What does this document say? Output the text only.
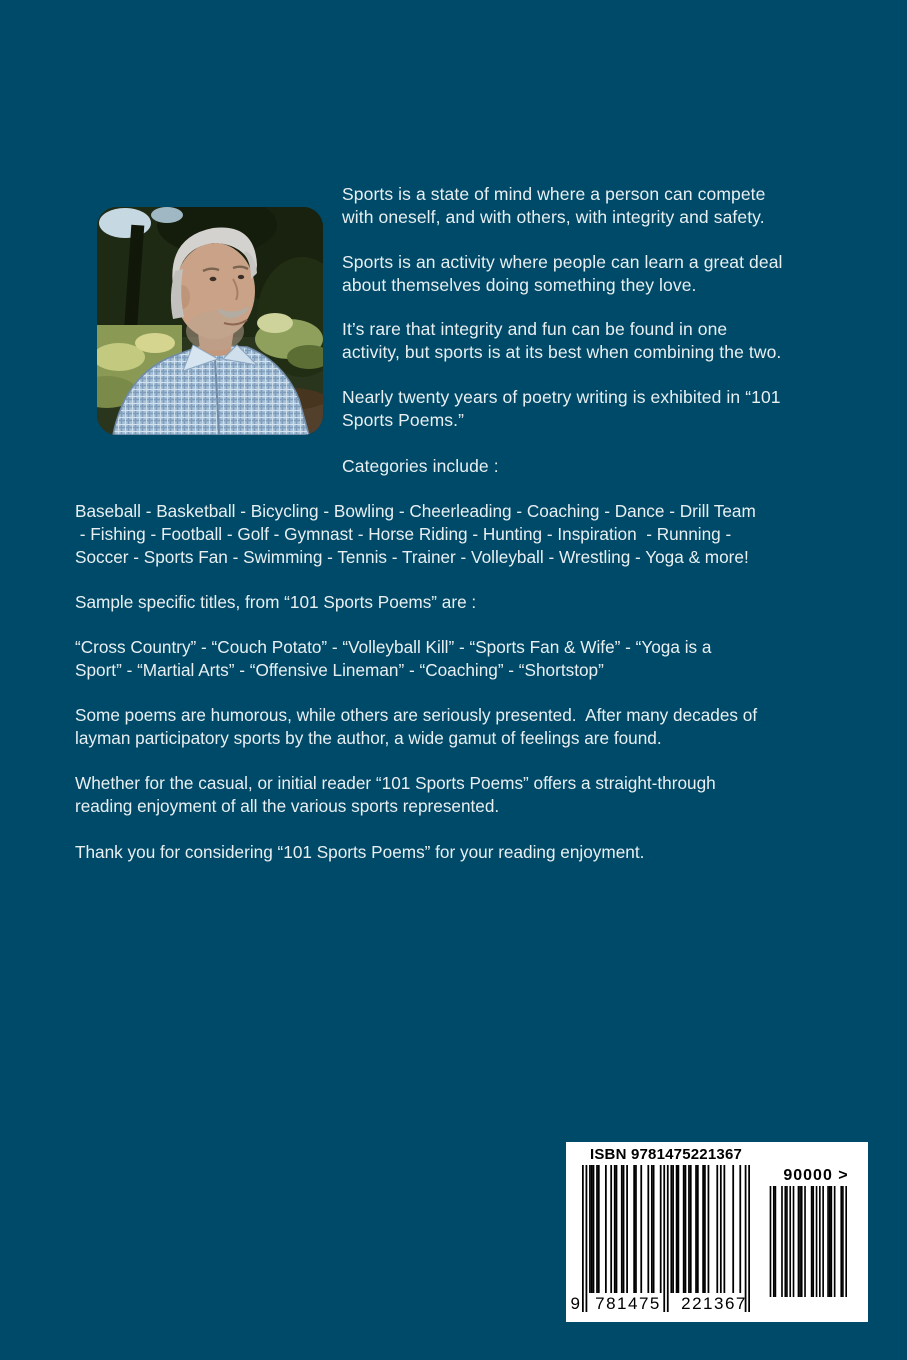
Sports is a state of mind where a person can compete
with oneself, and with others, with integrity and safety.
Sports is an activity where people can learn a great deal
about themselves doing something they love.
It’s rare that integrity and fun can be found in one
activity, but sports is at its best when combining the two.
Nearly twenty years of poetry writing is exhibited in “101
Sports Poems.”
Categories include :
Baseball - Basketball - Bicycling - Bowling - Cheerleading - Coaching - Dance - Drill Team
- Fishing - Football - Golf - Gymnast - Horse Riding - Hunting - Inspiration  - Running -
Soccer - Sports Fan - Swimming - Tennis - Trainer - Volleyball - Wrestling - Yoga & more!
Sample specific titles, from “101 Sports Poems” are :
“Cross Country” - “Couch Potato” - “Volleyball Kill” - “Sports Fan & Wife” - “Yoga is a
Sport” - “Martial Arts” - “Offensive Lineman” - “Coaching” - “Shortstop”
Some poems are humorous, while others are seriously presented.  After many decades of
layman participatory sports by the author, a wide gamut of feelings are found.
Whether for the casual, or initial reader “101 Sports Poems” offers a straight-through
reading enjoyment of all the various sports represented.
Thank you for considering “101 Sports Poems” for your reading enjoyment.
ISBN 9781475221367
9 781475	221367
90000 >
